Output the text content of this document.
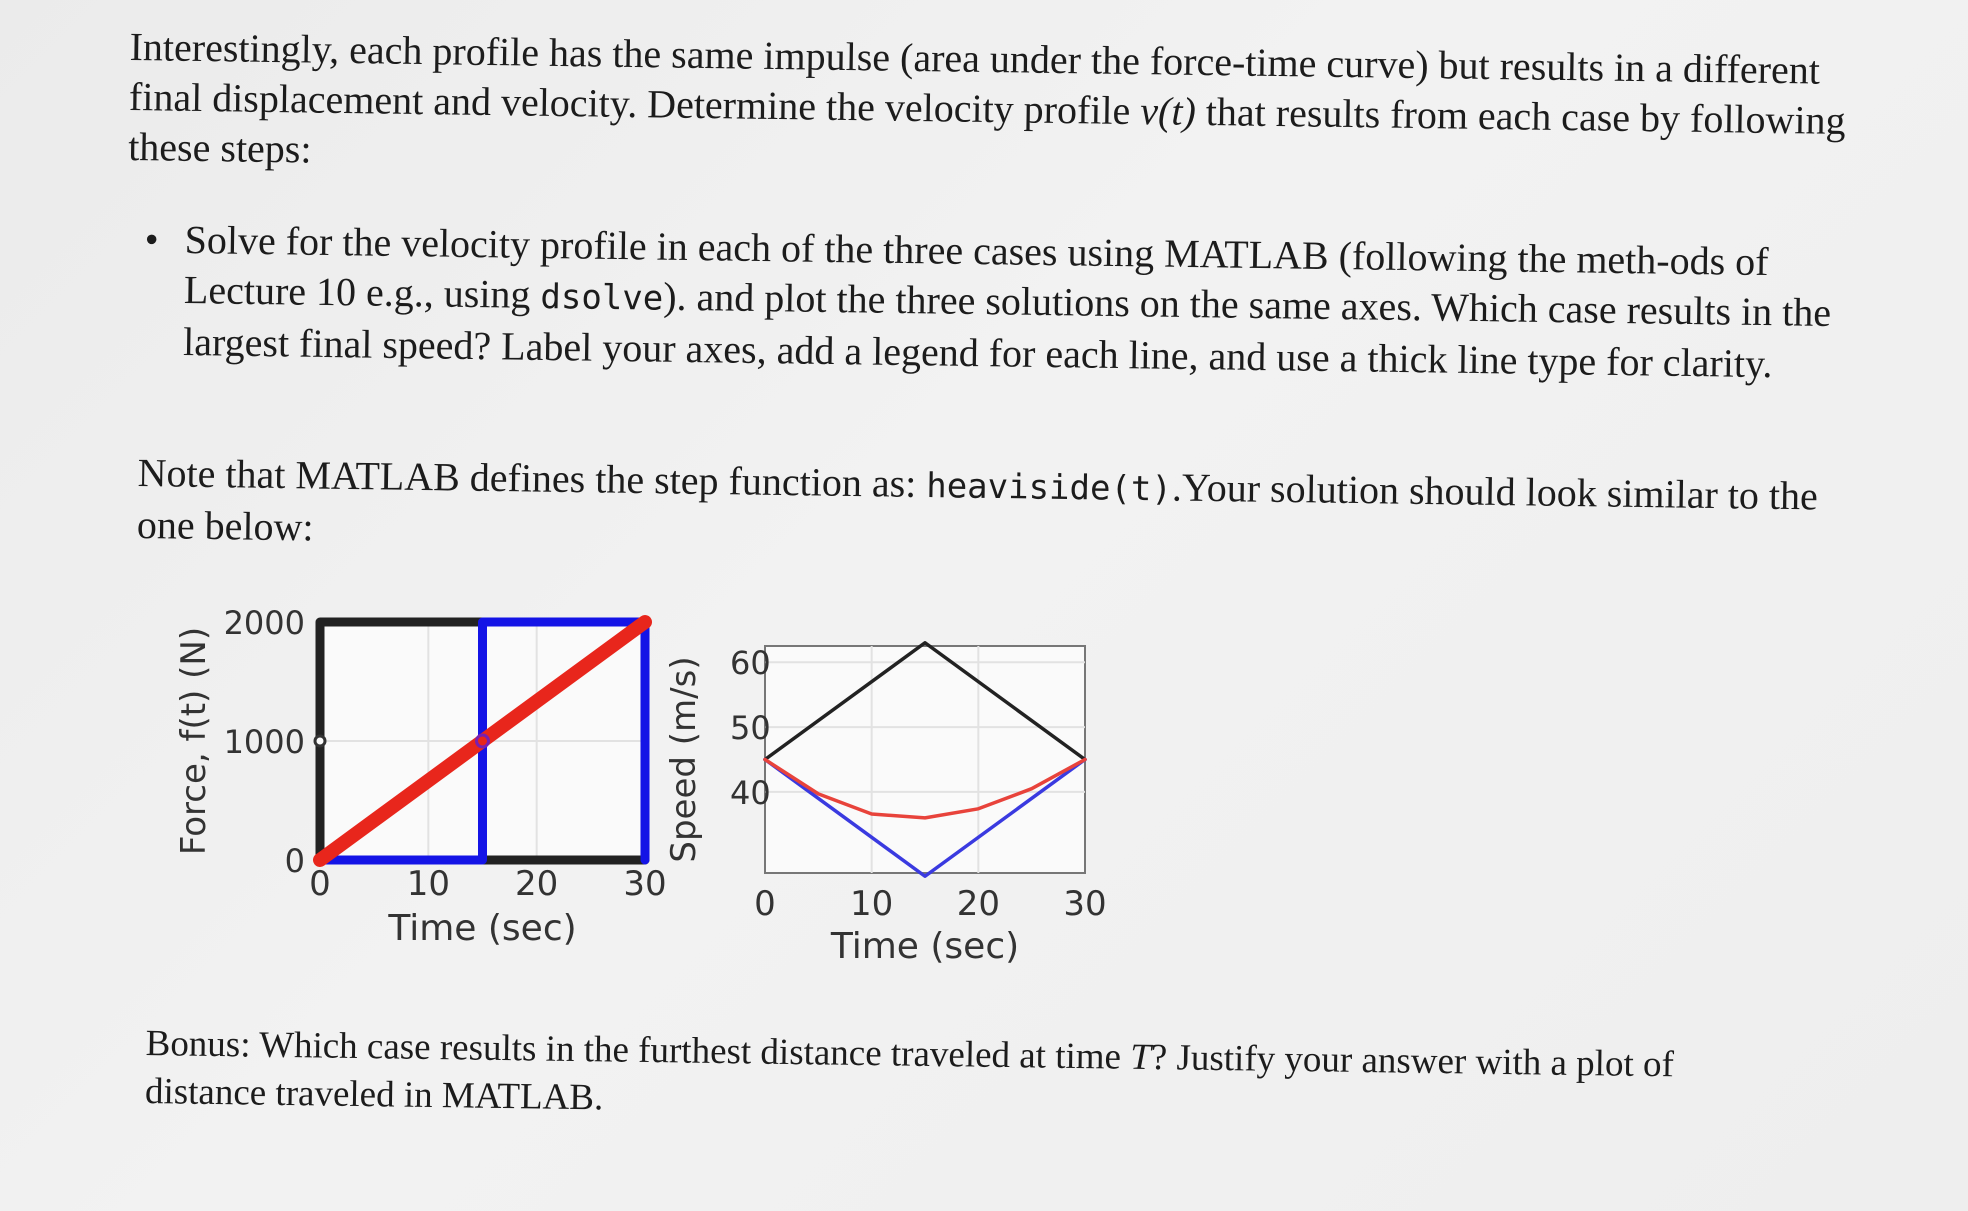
Interestingly, each profile has the same impulse (area under the force-time curve) but results in a different final displacement and velocity. Determine the velocity profile v(t) that results from each case by following these steps:

• Solve for the velocity profile in each of the three cases using MATLAB (following the meth-ods of Lecture 10 e.g., using dsolve). and plot the three solutions on the same axes. Which case results in the largest final speed? Label your axes, add a legend for each line, and use a thick line type for clarity.

Note that MATLAB defines the step function as: heaviside(t).Your solution should look similar to the one below:

0 10 20 30
0
1000
2000
Time (sec)
Force, f(t) (N)
0 10 20 30
40
50
60
Time (sec)
Speed (m/s)

Bonus: Which case results in the furthest distance traveled at time T? Justify your answer with a plot of distance traveled in MATLAB.
